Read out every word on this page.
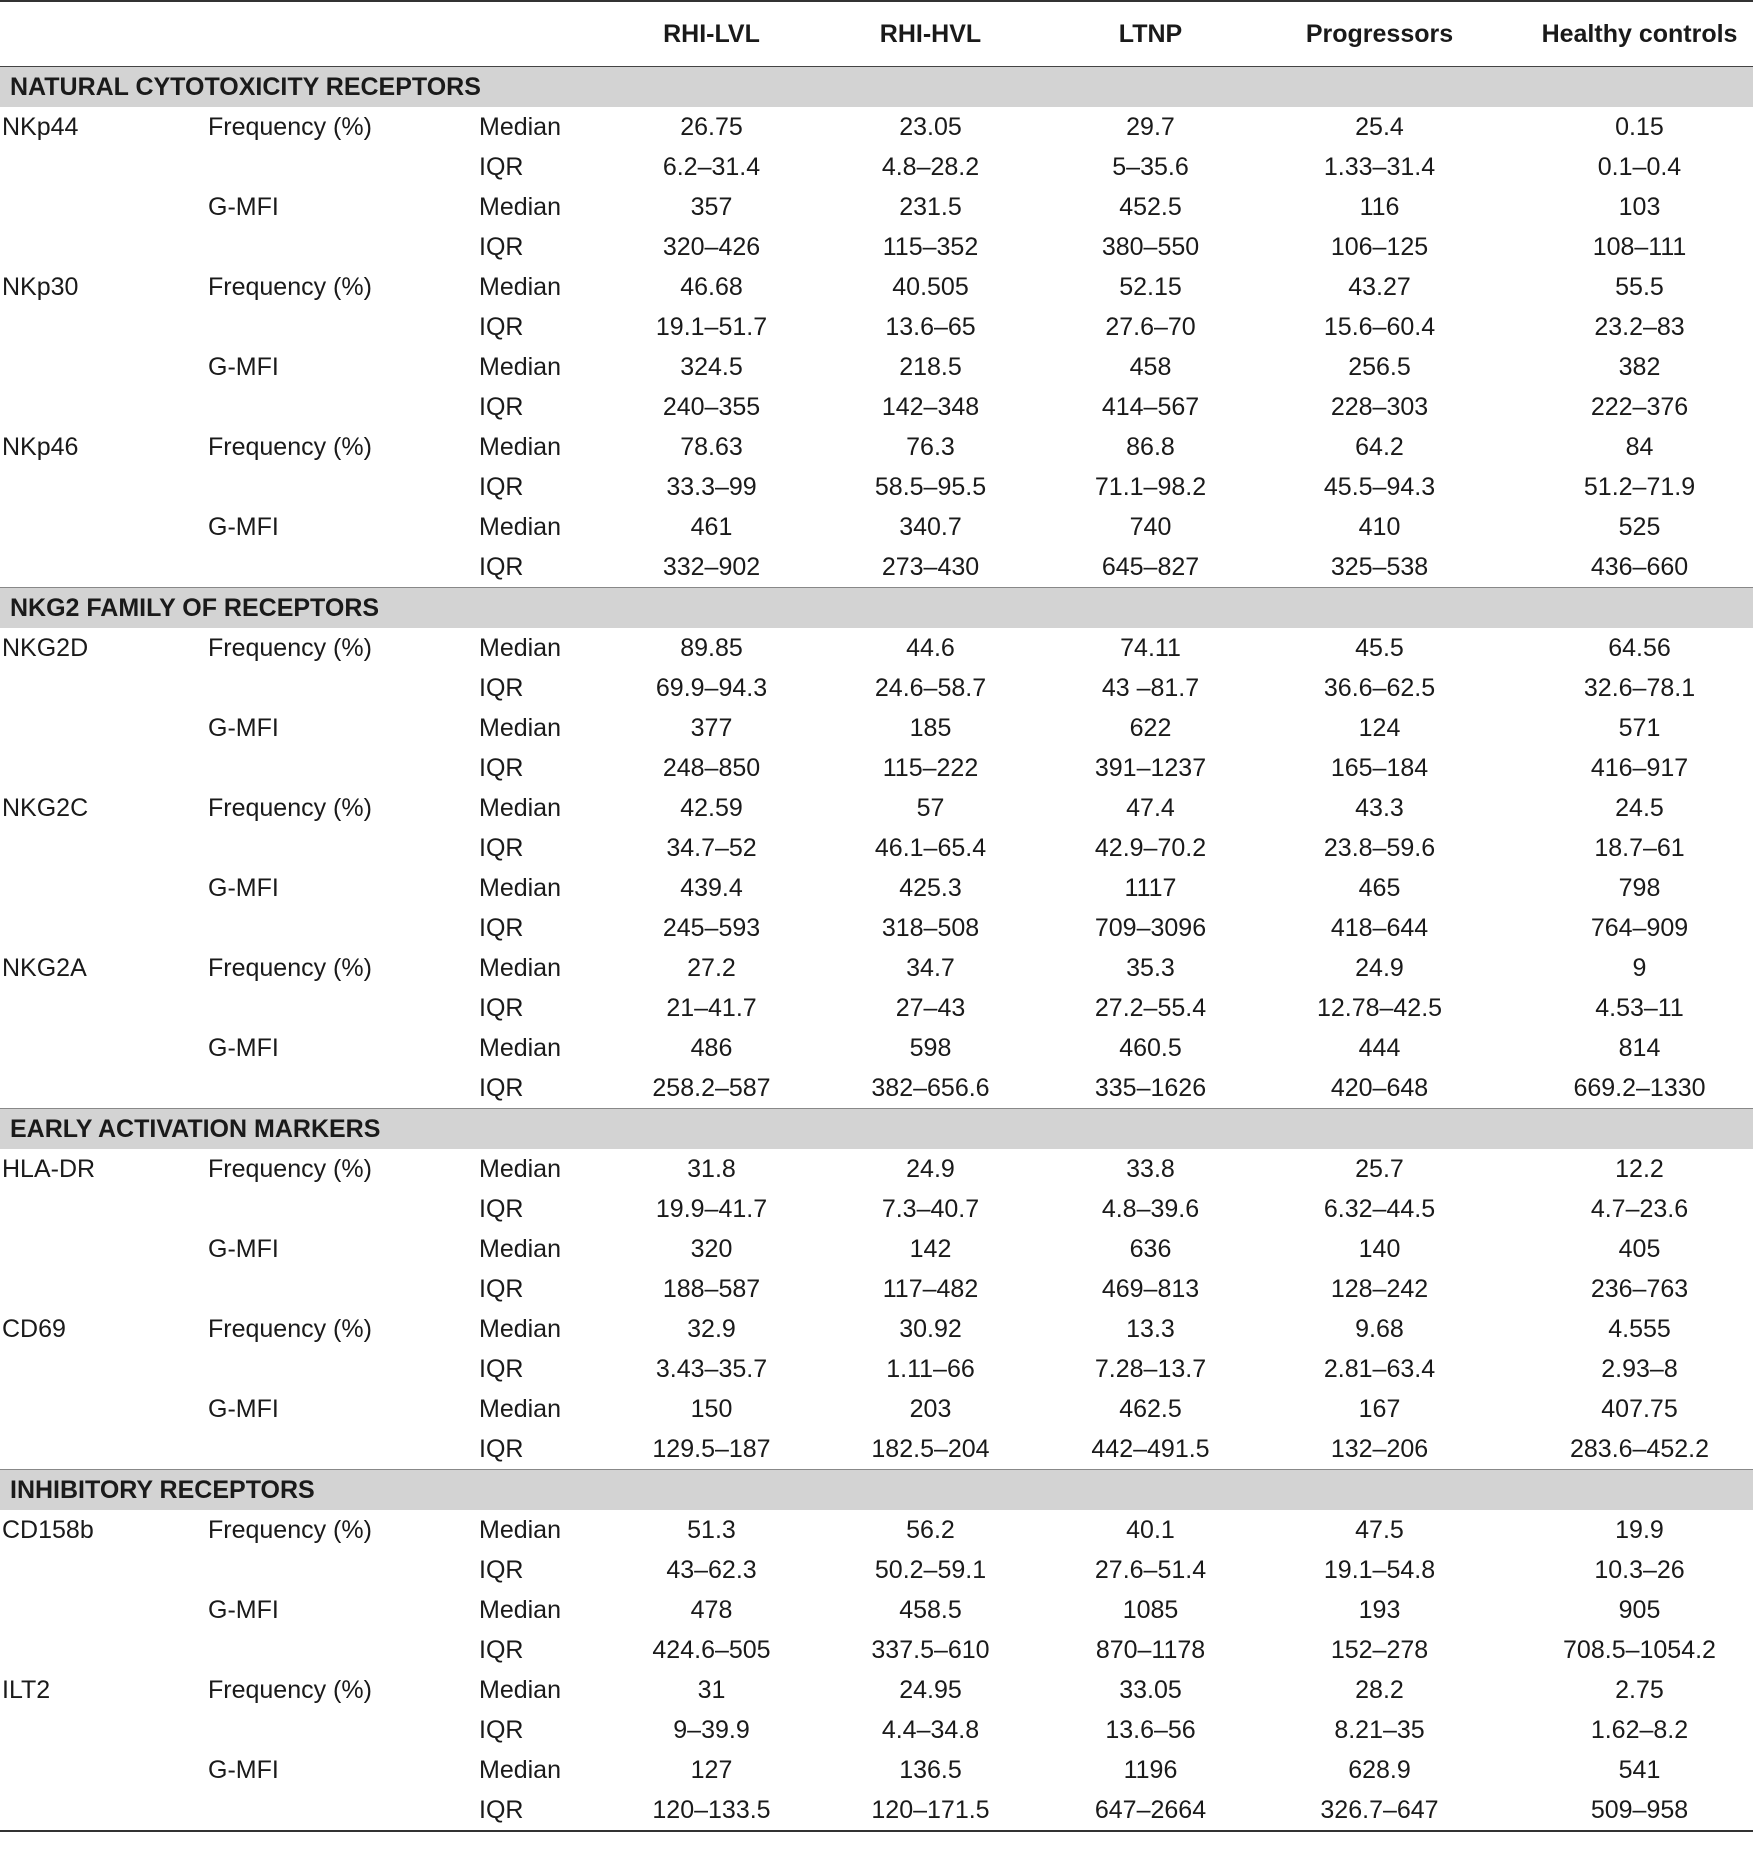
			RHI-LVL	RHI-HVL	LTNP	Progressors	Healthy controls
NATURAL CYTOTOXICITY RECEPTORS							
NKp44	Frequency (%)	Median	26.75	23.05	29.7	25.4	0.15
		IQR	6.2–31.4	4.8–28.2	5–35.6	1.33–31.4	0.1–0.4
	G-MFI	Median	357	231.5	452.5	116	103
		IQR	320–426	115–352	380–550	106–125	108–111
NKp30	Frequency (%)	Median	46.68	40.505	52.15	43.27	55.5
		IQR	19.1–51.7	13.6–65	27.6–70	15.6–60.4	23.2–83
	G-MFI	Median	324.5	218.5	458	256.5	382
		IQR	240–355	142–348	414–567	228–303	222–376
NKp46	Frequency (%)	Median	78.63	76.3	86.8	64.2	84
		IQR	33.3–99	58.5–95.5	71.1–98.2	45.5–94.3	51.2–71.9
	G-MFI	Median	461	340.7	740	410	525
		IQR	332–902	273–430	645–827	325–538	436–660
NKG2 FAMILY OF RECEPTORS							
NKG2D	Frequency (%)	Median	89.85	44.6	74.11	45.5	64.56
		IQR	69.9–94.3	24.6–58.7	43 –81.7	36.6–62.5	32.6–78.1
	G-MFI	Median	377	185	622	124	571
		IQR	248–850	115–222	391–1237	165–184	416–917
NKG2C	Frequency (%)	Median	42.59	57	47.4	43.3	24.5
		IQR	34.7–52	46.1–65.4	42.9–70.2	23.8–59.6	18.7–61
	G-MFI	Median	439.4	425.3	1117	465	798
		IQR	245–593	318–508	709–3096	418–644	764–909
NKG2A	Frequency (%)	Median	27.2	34.7	35.3	24.9	9
		IQR	21–41.7	27–43	27.2–55.4	12.78–42.5	4.53–11
	G-MFI	Median	486	598	460.5	444	814
		IQR	258.2–587	382–656.6	335–1626	420–648	669.2–1330
EARLY ACTIVATION MARKERS							
HLA-DR	Frequency (%)	Median	31.8	24.9	33.8	25.7	12.2
		IQR	19.9–41.7	7.3–40.7	4.8–39.6	6.32–44.5	4.7–23.6
	G-MFI	Median	320	142	636	140	405
		IQR	188–587	117–482	469–813	128–242	236–763
CD69	Frequency (%)	Median	32.9	30.92	13.3	9.68	4.555
		IQR	3.43–35.7	1.11–66	7.28–13.7	2.81–63.4	2.93–8
	G-MFI	Median	150	203	462.5	167	407.75
		IQR	129.5–187	182.5–204	442–491.5	132–206	283.6–452.2
INHIBITORY RECEPTORS							
CD158b	Frequency (%)	Median	51.3	56.2	40.1	47.5	19.9
		IQR	43–62.3	50.2–59.1	27.6–51.4	19.1–54.8	10.3–26
	G-MFI	Median	478	458.5	1085	193	905
		IQR	424.6–505	337.5–610	870–1178	152–278	708.5–1054.2
ILT2	Frequency (%)	Median	31	24.95	33.05	28.2	2.75
		IQR	9–39.9	4.4–34.8	13.6–56	8.21–35	1.62–8.2
	G-MFI	Median	127	136.5	1196	628.9	541
		IQR	120–133.5	120–171.5	647–2664	326.7–647	509–958
